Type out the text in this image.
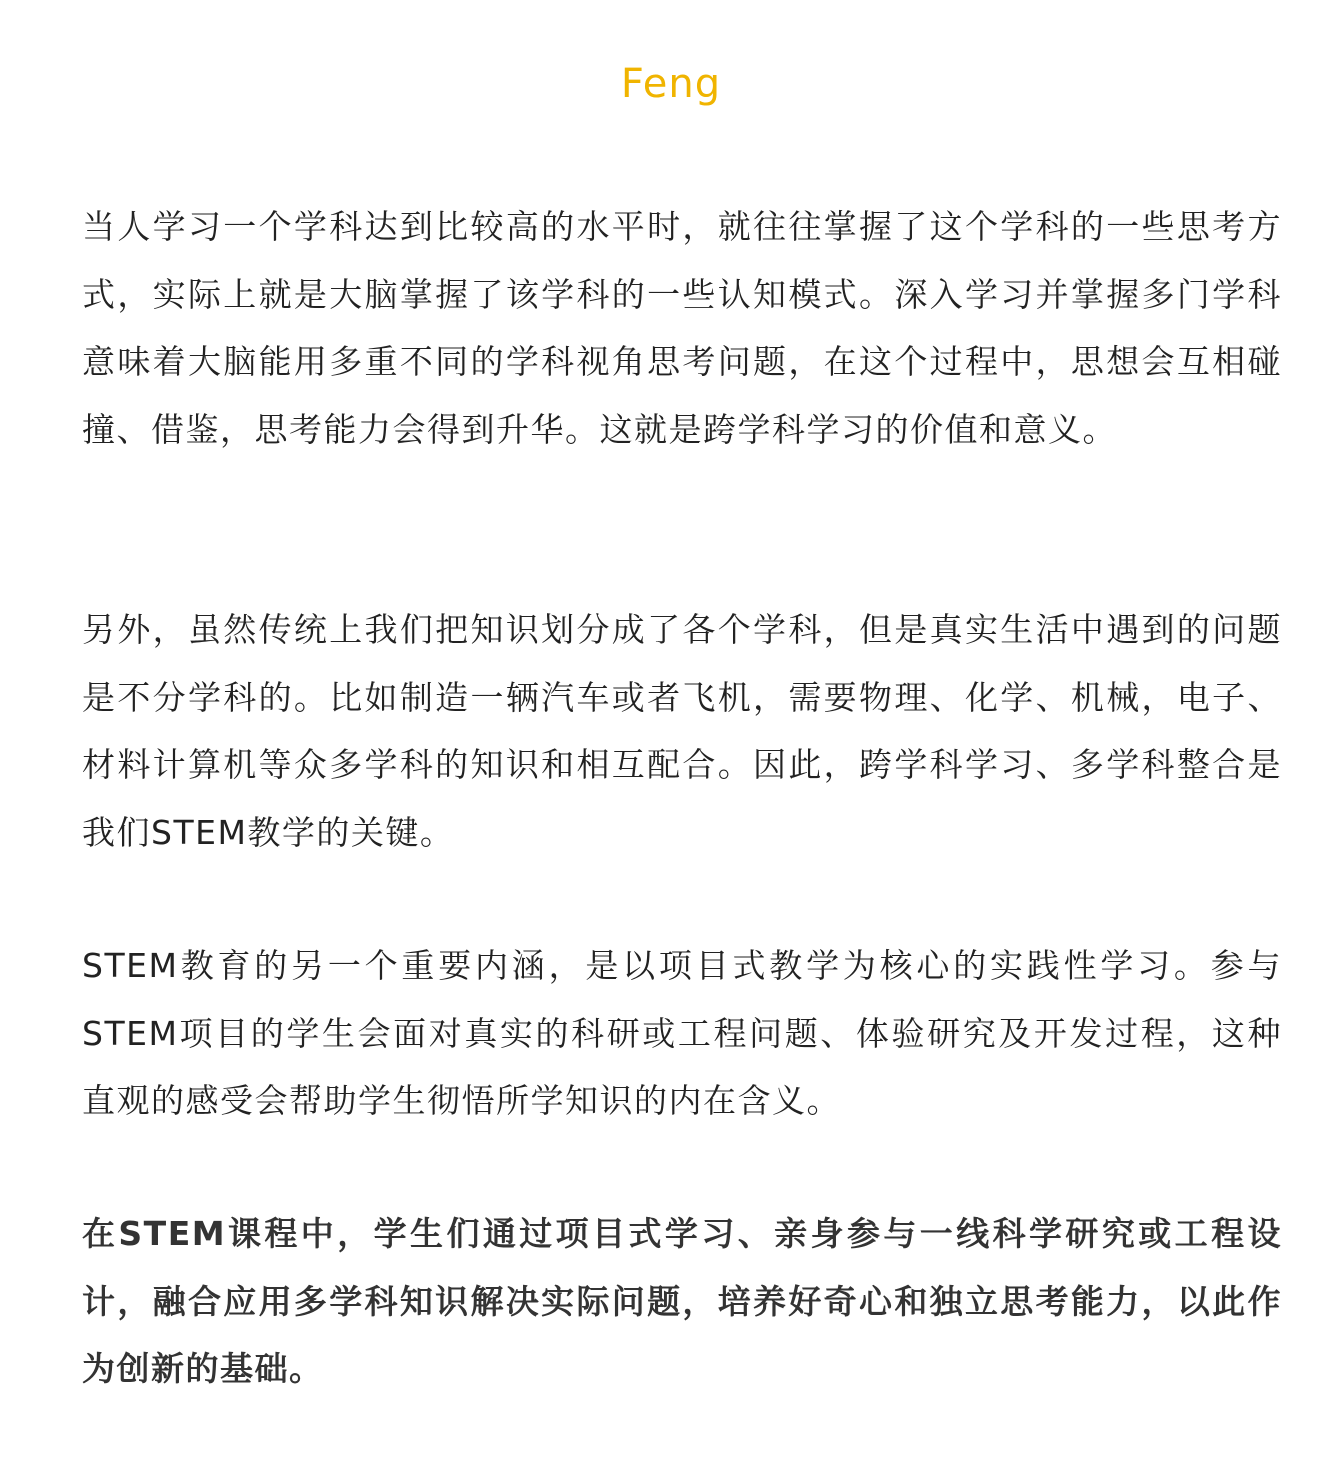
Feng

当人学习一个学科达到比较高的水平时，就往往掌握了这个学科的一些思考方式，实际上就是大脑掌握了该学科的一些认知模式。深入学习并掌握多门学科意味着大脑能用多重不同的学科视角思考问题，在这个过程中，思想会互相碰撞、借鉴，思考能力会得到升华。这就是跨学科学习的价值和意义。

另外，虽然传统上我们把知识划分成了各个学科，但是真实生活中遇到的问题是不分学科的。比如制造一辆汽车或者飞机，需要物理、化学、机械，电子、材料计算机等众多学科的知识和相互配合。因此，跨学科学习、多学科整合是我们STEM教学的关键。

STEM教育的另一个重要内涵，是以项目式教学为核心的实践性学习。参与STEM项目的学生会面对真实的科研或工程问题、体验研究及开发过程，这种直观的感受会帮助学生彻悟所学知识的内在含义。

在STEM课程中，学生们通过项目式学习、亲身参与一线科学研究或工程设计，融合应用多学科知识解决实际问题，培养好奇心和独立思考能力，以此作为创新的基础。
